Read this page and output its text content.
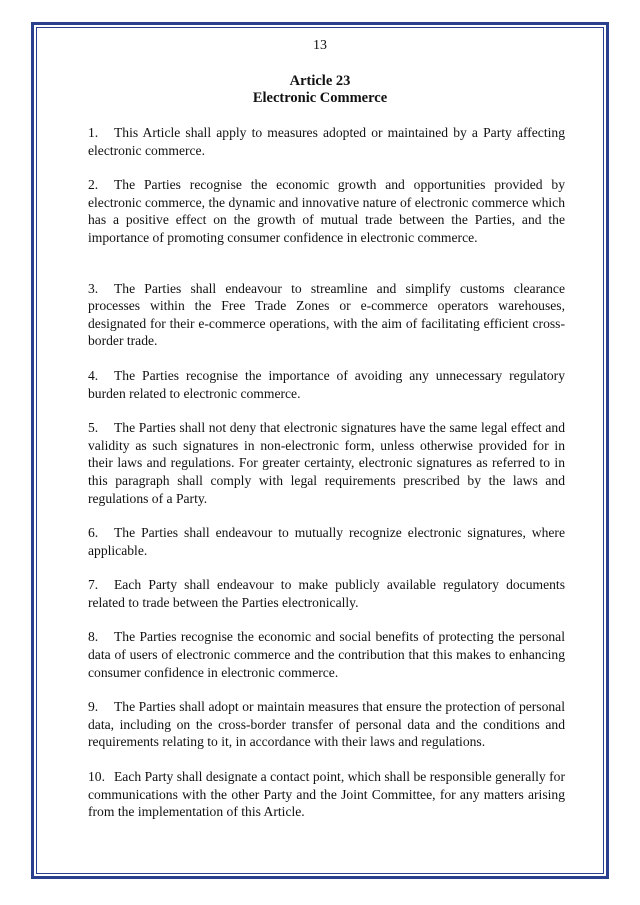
13
Article 23
Electronic Commerce

1. This Article shall apply to measures adopted or maintained by a Party affecting electronic commerce.

2. The Parties recognise the economic growth and opportunities provided by electronic commerce, the dynamic and innovative nature of electronic commerce which has a positive effect on the growth of mutual trade between the Parties, and the importance of promoting consumer confidence in electronic commerce.

3. The Parties shall endeavour to streamline and simplify customs clearance processes within the Free Trade Zones or e-commerce operators warehouses, designated for their e-commerce operations, with the aim of facilitating efficient cross-border trade.

4. The Parties recognise the importance of avoiding any unnecessary regulatory burden related to electronic commerce.

5. The Parties shall not deny that electronic signatures have the same legal effect and validity as such signatures in non-electronic form, unless otherwise provided for in their laws and regulations. For greater certainty, electronic signatures as referred to in this paragraph shall comply with legal requirements prescribed by the laws and regulations of a Party.

6. The Parties shall endeavour to mutually recognize electronic signatures, where applicable.

7. Each Party shall endeavour to make publicly available regulatory documents related to trade between the Parties electronically.

8. The Parties recognise the economic and social benefits of protecting the personal data of users of electronic commerce and the contribution that this makes to enhancing consumer confidence in electronic commerce.

9. The Parties shall adopt or maintain measures that ensure the protection of personal data, including on the cross-border transfer of personal data and the conditions and requirements relating to it, in accordance with their laws and regulations.

10. Each Party shall designate a contact point, which shall be responsible generally for communications with the other Party and the Joint Committee, for any matters arising from the implementation of this Article.
